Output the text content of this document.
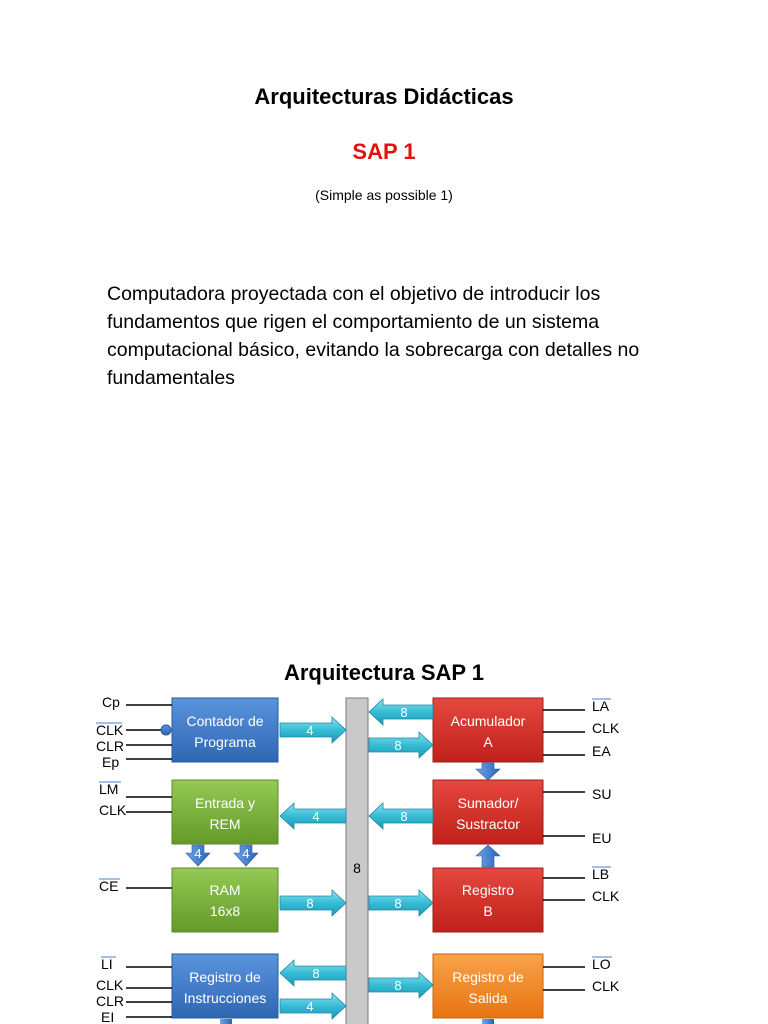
Arquitecturas Didácticas
SAP 1
(Simple as possible 1)
Computadora proyectada con el objetivo de introducir los fundamentos que rigen el comportamiento de un sistema computacional básico, evitando la sobrecarga con detalles no fundamentales
Arquitectura SAP 1
8
Contador de
Programa
Entrada y
REM
RAM
16x8
Registro de
Instrucciones
Acumulador
A
Sumador/
Sustractor
Registro
B
Registro de
Salida
4
8
4
8
8
8
4
8
8
8
4	4
Cp
CLK
CLR
Ep
LM
CLK
CE
LI
CLK
CLR
EI
LA
CLK
EA
SU
EU
LB
CLK
LO
CLK
